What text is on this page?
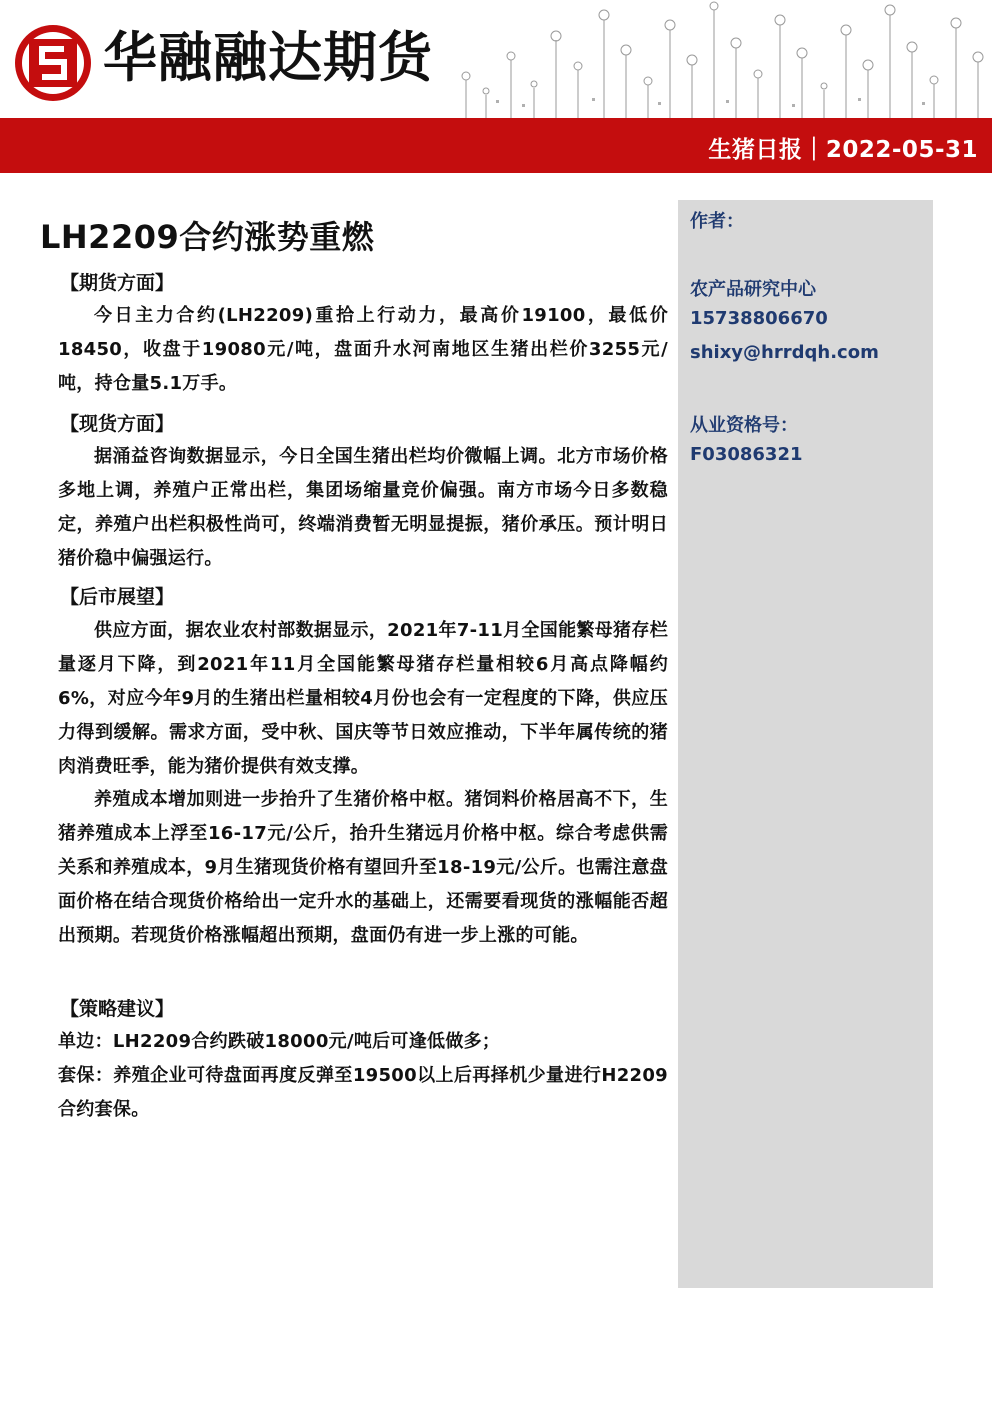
华融融达期货
生猪日报｜2022-05-31
LH2209合约涨势重燃
【期货方面】
今日主力合约(LH2209)重拾上行动力，最高价19100，最低价18450，收盘于19080元/吨，盘面升水河南地区生猪出栏价3255元/吨，持仓量5.1万手。
【现货方面】
据涌益咨询数据显示，今日全国生猪出栏均价微幅上调。北方市场价格多地上调，养殖户正常出栏，集团场缩量竞价偏强。南方市场今日多数稳定，养殖户出栏积极性尚可，终端消费暂无明显提振，猪价承压。预计明日猪价稳中偏强运行。
【后市展望】
供应方面，据农业农村部数据显示，2021年7-11月全国能繁母猪存栏量逐月下降，到2021年11月全国能繁母猪存栏量相较6月高点降幅约6%，对应今年9月的生猪出栏量相较4月份也会有一定程度的下降，供应压力得到缓解。需求方面，受中秋、国庆等节日效应推动，下半年属传统的猪肉消费旺季，能为猪价提供有效支撑。
养殖成本增加则进一步抬升了生猪价格中枢。猪饲料价格居高不下，生猪养殖成本上浮至16-17元/公斤，抬升生猪远月价格中枢。综合考虑供需关系和养殖成本，9月生猪现货价格有望回升至18-19元/公斤。也需注意盘面价格在结合现货价格给出一定升水的基础上，还需要看现货的涨幅能否超出预期。若现货价格涨幅超出预期，盘面仍有进一步上涨的可能。
【策略建议】
单边：LH2209合约跌破18000元/吨后可逢低做多；
套保：养殖企业可待盘面再度反弹至19500以上后再择机少量进行H2209合约套保。
作者：
农产品研究中心
15738806670
shixy@hrrdqh.com
从业资格号：
F03086321
